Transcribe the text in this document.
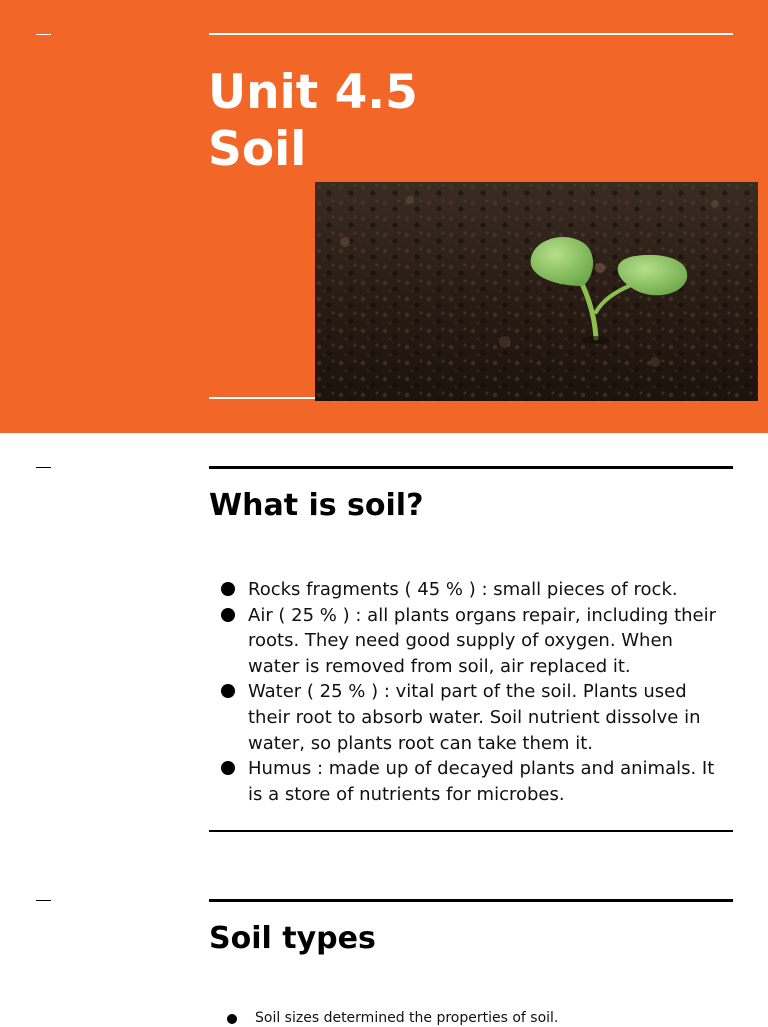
Unit 4.5
Soil
What is soil?
Rocks fragments ( 45 % ) : small pieces of rock.
Air ( 25 % ) : all plants organs repair, including their roots. They need good supply of oxygen. When water is removed from soil, air replaced it.
Water ( 25 % ) : vital part of the soil. Plants used their root to absorb water. Soil nutrient dissolve in water, so plants root can take them it.
Humus : made up of decayed plants and animals. It is a store of nutrients for microbes.
Soil types
Soil sizes determined the properties of soil.
